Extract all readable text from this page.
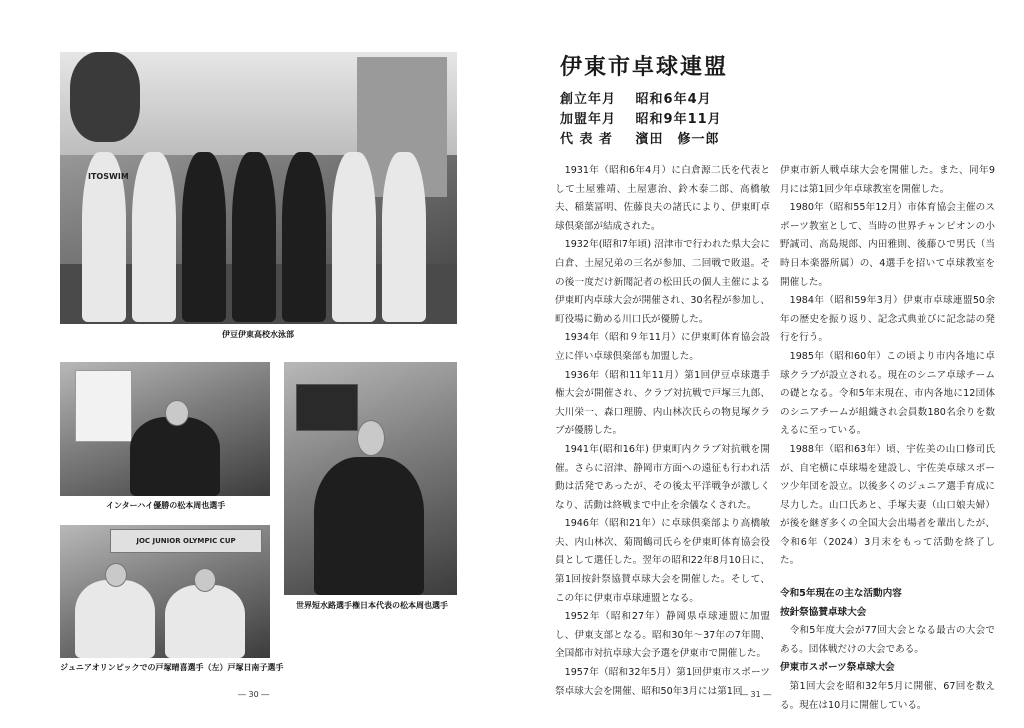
ITOSWIM
伊豆伊東高校水泳部
インターハイ優勝の松本周也選手
JOC JUNIOR OLYMPIC CUP
ジュニアオリンピックでの戸塚晴喜選手（左）戸塚日南子選手
世界短水路選手権日本代表の松本周也選手
― 30 ―
伊東市卓球連盟
創立年月 昭和6年4月
加盟年月 昭和9年11月
代 表 者 濱田　修一郎

1931年（昭和6年4月）に白倉源二氏を代表として土屋雅靖、土屋憲治、鈴木泰二郎、高橋敏夫、稲葉冨明、佐藤良夫の諸氏により、伊東町卓球倶楽部が結成された。

1932年(昭和7年頃) 沼津市で行われた県大会に白倉、土屋兄弟の三名が参加、二回戦で敗退。その後一度だけ新聞記者の松田氏の個人主催による伊東町内卓球大会が開催され、30名程が参加し、町役場に勤める川口氏が優勝した。

1934年（昭和９年11月）に伊東町体育協会設立に伴い卓球倶楽部も加盟した。

1936年（昭和11年11月）第1回伊豆卓球選手権大会が開催され、クラブ対抗戦で戸塚三九郎、大川栄一、森口理勝、内山林次氏らの物見塚クラブが優勝した。

1941年(昭和16年) 伊東町内クラブ対抗戦を開催。さらに沼津、静岡市方面への遠征も行われ活動は活発であったが、その後太平洋戦争が激しくなり、活動は終戦まで中止を余儀なくされた。

1946年（昭和21年）に卓球倶楽部より高橋敏夫、内山林次、菊間鶴司氏らを伊東町体育協会役員として選任した。翌年の昭和22年8月10日に、第1回按針祭協賛卓球大会を開催した。そして、この年に伊東市卓球連盟となる。

1952年（昭和27年）静岡県卓球連盟に加盟し、伊東支部となる。昭和30年～37年の7年間、全国都市対抗卓球大会予選を伊東市で開催した。

1957年（昭和32年5月）第1回伊東市スポーツ祭卓球大会を開催、昭和50年3月には第1回

伊東市新人戦卓球大会を開催した。また、同年9月には第1回少年卓球教室を開催した。

1980年（昭和55年12月）市体育協会主催のスポーツ教室として、当時の世界チャンピオンの小野誠司、高島規郎、内田雅則、後藤ひで男氏（当時日本楽器所属）の、4選手を招いて卓球教室を開催した。

1984年（昭和59年3月）伊東市卓球連盟50余年の歴史を振り返り、記念式典並びに記念誌の発行を行う。

1985年（昭和60年）この頃より市内各地に卓球クラブが設立される。現在のシニア卓球チームの礎となる。令和5年末現在、市内各地に12団体のシニアチームが組織され会員数180名余りを数えるに至っている。

1988年（昭和63年）頃、宇佐美の山口修司氏が、自宅横に卓球場を建設し、宇佐美卓球スポーツ少年団を設立。以後多くのジュニア選手育成に尽力した。山口氏あと、手塚夫妻（山口娘夫婦）が後を継ぎ多くの全国大会出場者を輩出したが、令和6年（2024）3月末をもって活動を終了した。

令和5年現在の主な活動内容

按針祭協賛卓球大会

令和5年度大会が77回大会となる最古の大会である。団体戦だけの大会である。

伊東市スポーツ祭卓球大会

第1回大会を昭和32年5月に開催、67回を数える。現在は10月に開催している。

― 31 ―
